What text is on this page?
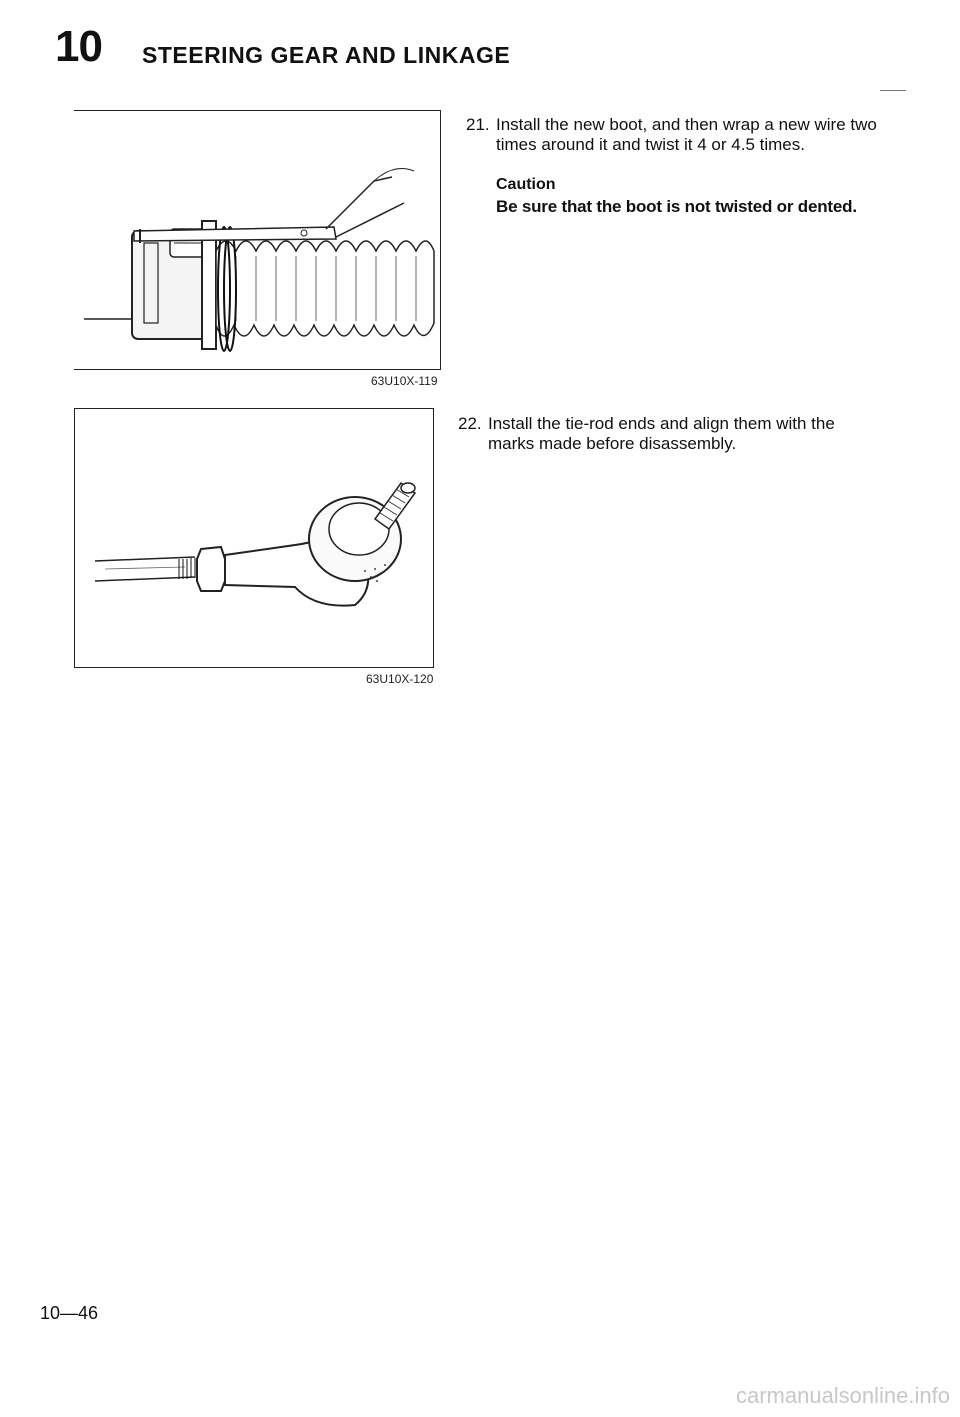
10 STEERING GEAR AND LINKAGE
63U10X-119
63U10X-120
21. Install the new boot, and then wrap a new wire two times around it and twist it 4 or 4.5 times.
Caution
Be sure that the boot is not twisted or dented.
22. Install the tie-rod ends and align them with the marks made before disassembly.
10—46
carmanualsonline.info
